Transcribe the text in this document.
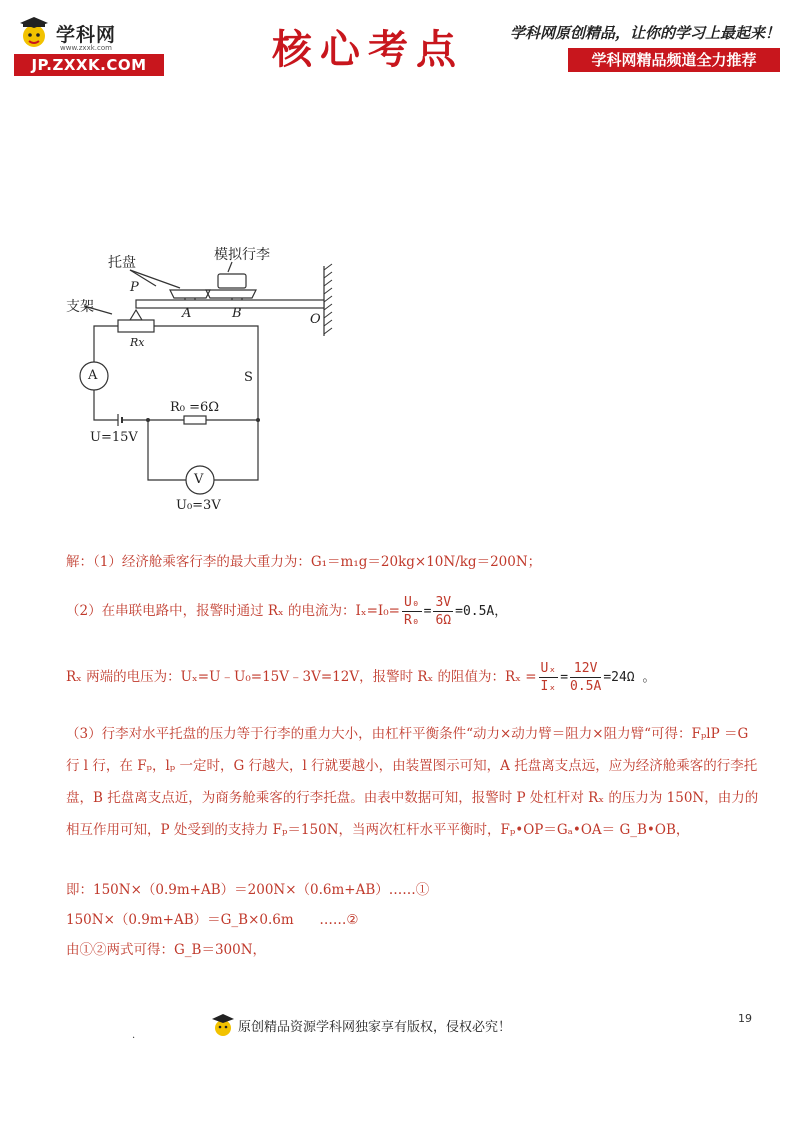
学科网
www.zxxk.com
JP.ZXXK.COM	核心考点	学科网原创精品，让你的学习上最起来！
学科网精品频道全力推荐
托盘	模拟行李
支架
P
A	B	O
Rx
A	S
R₀ =6Ω
U=15V
V
U₀=3V
解：（1）经济舱乘客行李的最大重力为：G₁＝m₁g＝20kg×10N/kg＝200N；
（2）在串联电路中，报警时通过 Rₓ 的电流为：$I_x=I_0= \frac{\text{U₀}}{\text{R₀}} = \frac{3V}{6\Omega} =0.5A$，
Rₓ 两端的电压为：Uₓ=U﹣U₀=15V﹣3V=12V，报警时 Rₓ 的阻值为：$R_x = \frac{\text{Uₓ}}{\text{Iₓ}} = \frac{12V}{0.5A} =24\Omega$ 。
（3）行李对水平托盘的压力等于行李的重力大小，由杠杆平衡条件“动力×动力臂＝阻力×阻力臂“可得：FₚlP ＝G 行 l 行，在 Fₚ，lₚ 一定时，G 行越大，l 行就要越小，由装置图示可知，A 托盘离支点远，应为经济舱乘客的行李托盘，B 托盘离支点近，为商务舱乘客的行李托盘。由表中数据可知，报警时 P 处杠杆对 Rₓ 的压力为 150N，由力的相互作用可知，P 处受到的支持力 Fₚ＝150N，当两次杠杆水平平衡时，Fₚ•OP＝Gₐ•OA＝ G_B•OB，
即：150N×（0.9m+AB）＝200N×（0.6m+AB）……①
150N×（0.9m+AB）＝G_B×0.6m      ……②
由①②两式可得：G_B＝300N，
19
.
原创精品资源学科网独家享有版权，侵权必究！
